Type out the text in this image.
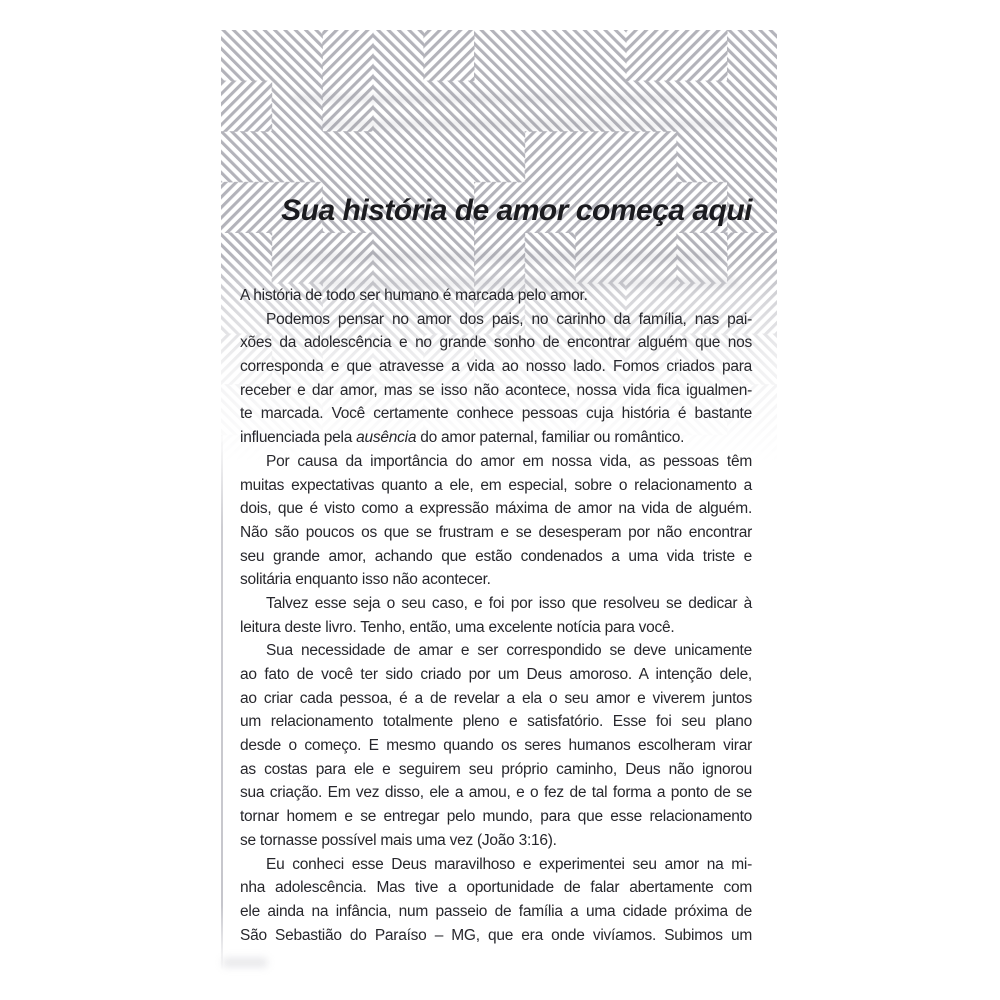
Sua história de amor começa aqui
A história de todo ser humano é marcada pelo amor.
Podemos pensar no amor dos pais, no carinho da família, nas pai-
xões da adolescência e no grande sonho de encontrar alguém que nos
corresponda e que atravesse a vida ao nosso lado. Fomos criados para
receber e dar amor, mas se isso não acontece, nossa vida fica igualmen-
te marcada. Você certamente conhece pessoas cuja história é bastante
influenciada pela ausência do amor paternal, familiar ou romântico.
Por causa da importância do amor em nossa vida, as pessoas têm
muitas expectativas quanto a ele, em especial, sobre o relacionamento a
dois, que é visto como a expressão máxima de amor na vida de alguém.
Não são poucos os que se frustram e se desesperam por não encontrar
seu grande amor, achando que estão condenados a uma vida triste e
solitária enquanto isso não acontecer.
Talvez esse seja o seu caso, e foi por isso que resolveu se dedicar à
leitura deste livro. Tenho, então, uma excelente notícia para você.
Sua necessidade de amar e ser correspondido se deve unicamente
ao fato de você ter sido criado por um Deus amoroso. A intenção dele,
ao criar cada pessoa, é a de revelar a ela o seu amor e viverem juntos
um relacionamento totalmente pleno e satisfatório. Esse foi seu plano
desde o começo. E mesmo quando os seres humanos escolheram virar
as costas para ele e seguirem seu próprio caminho, Deus não ignorou
sua criação. Em vez disso, ele a amou, e o fez de tal forma a ponto de se
tornar homem e se entregar pelo mundo, para que esse relacionamento
se tornasse possível mais uma vez (João 3:16).
Eu conheci esse Deus maravilhoso e experimentei seu amor na mi-
nha adolescência. Mas tive a oportunidade de falar abertamente com
ele ainda na infância, num passeio de família a uma cidade próxima de
São Sebastião do Paraíso – MG, que era onde vivíamos. Subimos um
